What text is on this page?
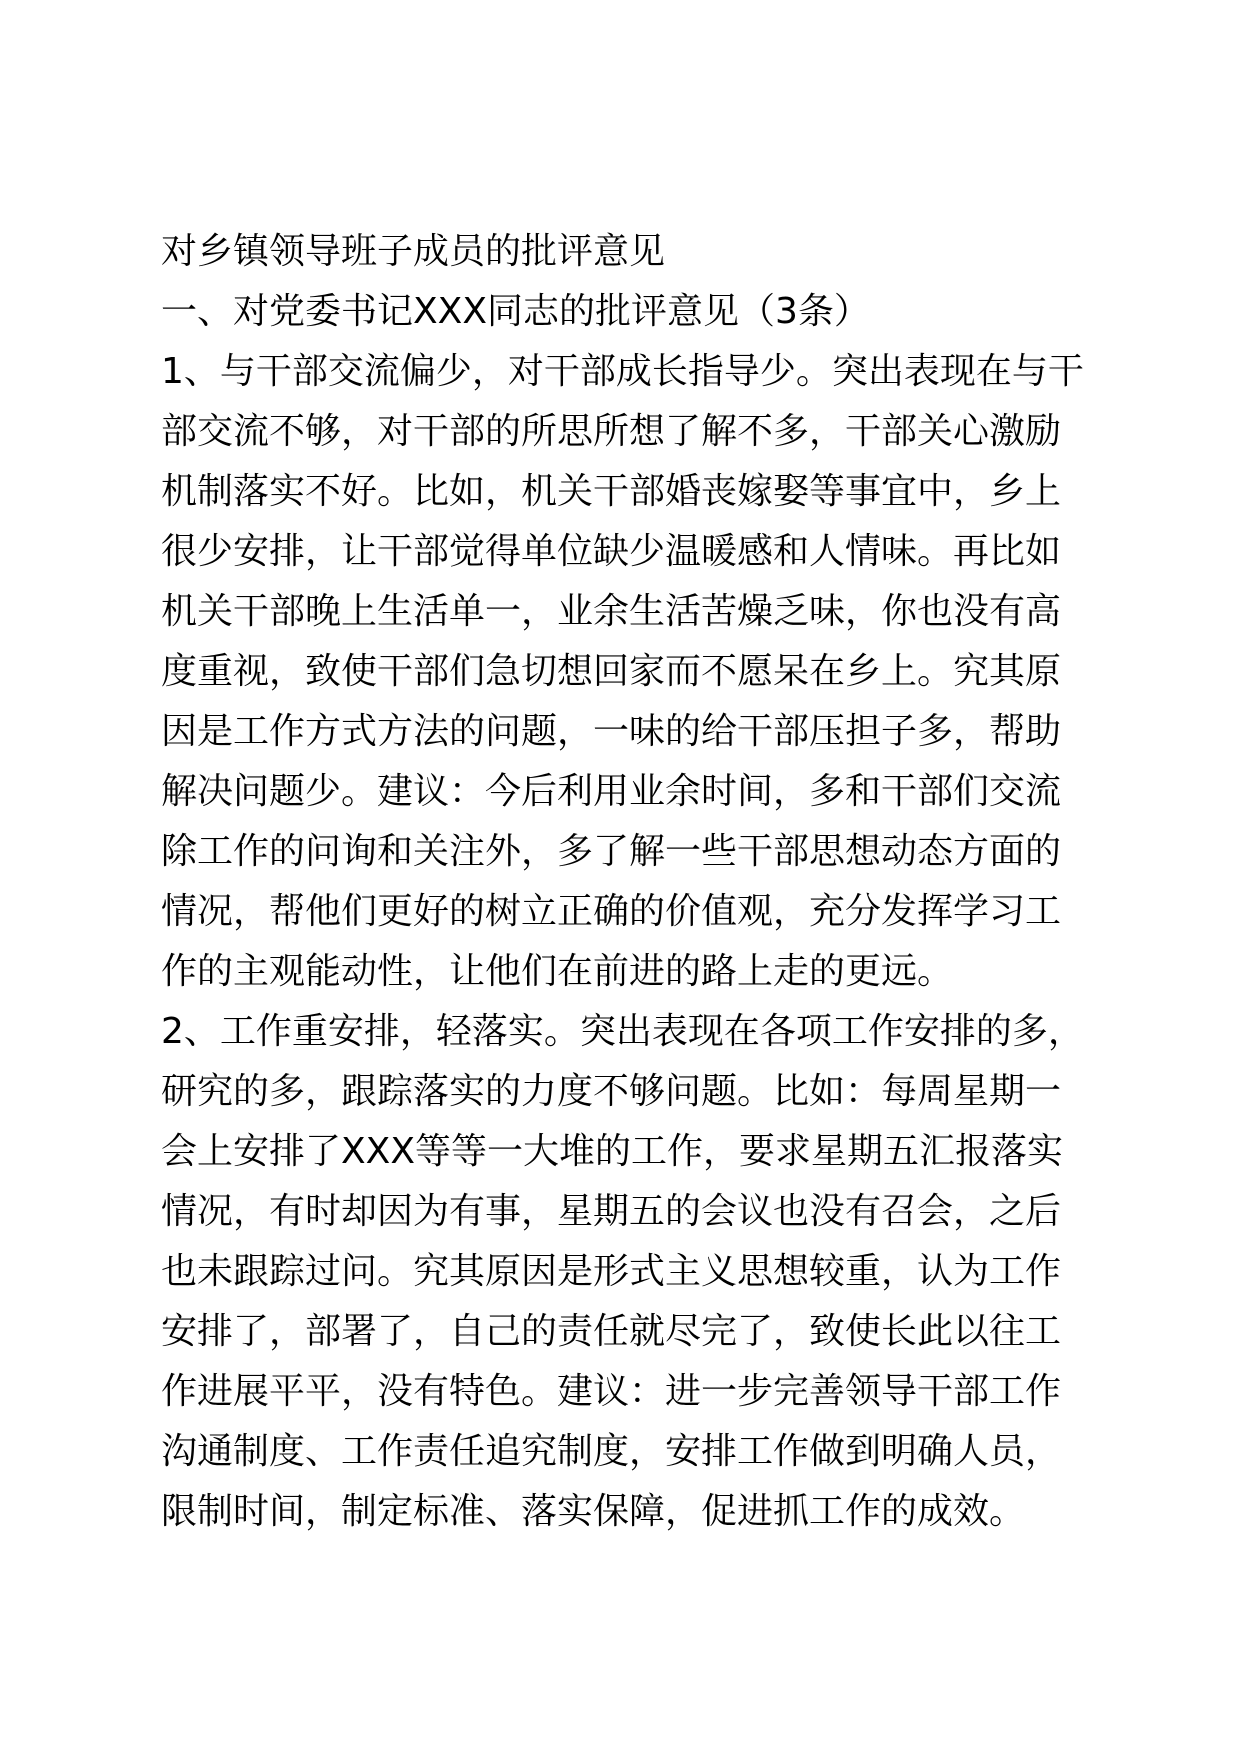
对乡镇领导班子成员的批评意见
一、对党委书记XXX同志的批评意见（3条）
1、与干部交流偏少，对干部成长指导少。突出表现在与干
部交流不够，对干部的所思所想了解不多，干部关心激励
机制落实不好。比如，机关干部婚丧嫁娶等事宜中，乡上
很少安排，让干部觉得单位缺少温暖感和人情味。再比如
机关干部晚上生活单一，业余生活苦燥乏味，你也没有高
度重视，致使干部们急切想回家而不愿呆在乡上。究其原
因是工作方式方法的问题，一味的给干部压担子多，帮助
解决问题少。建议：今后利用业余时间，多和干部们交流
除工作的问询和关注外，多了解一些干部思想动态方面的
情况，帮他们更好的树立正确的价值观，充分发挥学习工
作的主观能动性，让他们在前进的路上走的更远。
2、工作重安排，轻落实。突出表现在各项工作安排的多，
研究的多，跟踪落实的力度不够问题。比如：每周星期一
会上安排了XXX等等一大堆的工作，要求星期五汇报落实
情况，有时却因为有事，星期五的会议也没有召会，之后
也未跟踪过问。究其原因是形式主义思想较重，认为工作
安排了，部署了，自己的责任就尽完了，致使长此以往工
作进展平平，没有特色。建议：进一步完善领导干部工作
沟通制度、工作责任追究制度，安排工作做到明确人员，
限制时间，制定标准、落实保障，促进抓工作的成效。
